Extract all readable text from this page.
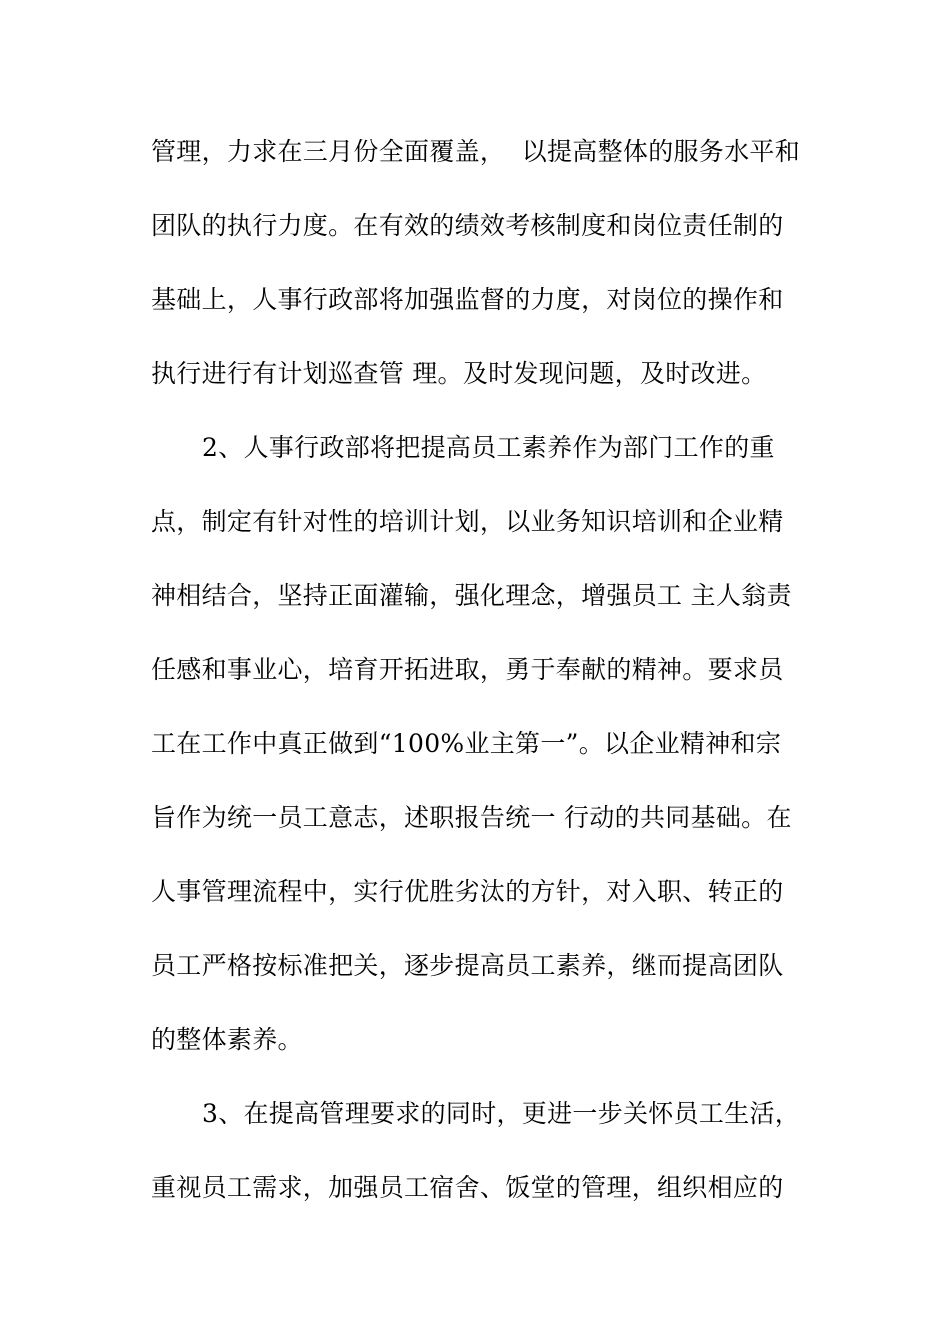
管理，力求在三月份全面覆盖，  以提高整体的服务水平和
团队的执行力度。在有效的绩效考核制度和岗位责任制的
基础上，人事行政部将加强监督的力度，对岗位的操作和
执行进行有计划巡查管 理。及时发现问题，及时改进。
2、人事行政部将把提高员工素养作为部门工作的重
点，制定有针对性的培训计划，以业务知识培训和企业精
神相结合，坚持正面灌输，强化理念，增强员工 主人翁责
任感和事业心，培育开拓进取，勇于奉献的精神。要求员
工在工作中真正做到“100%业主第一”。以企业精神和宗
旨作为统一员工意志，述职报告统一 行动的共同基础。在
人事管理流程中，实行优胜劣汰的方针，对入职、转正的
员工严格按标准把关，逐步提高员工素养，继而提高团队
的整体素养。
3、在提高管理要求的同时，更进一步关怀员工生活，
重视员工需求，加强员工宿舍、饭堂的管理，组织相应的
